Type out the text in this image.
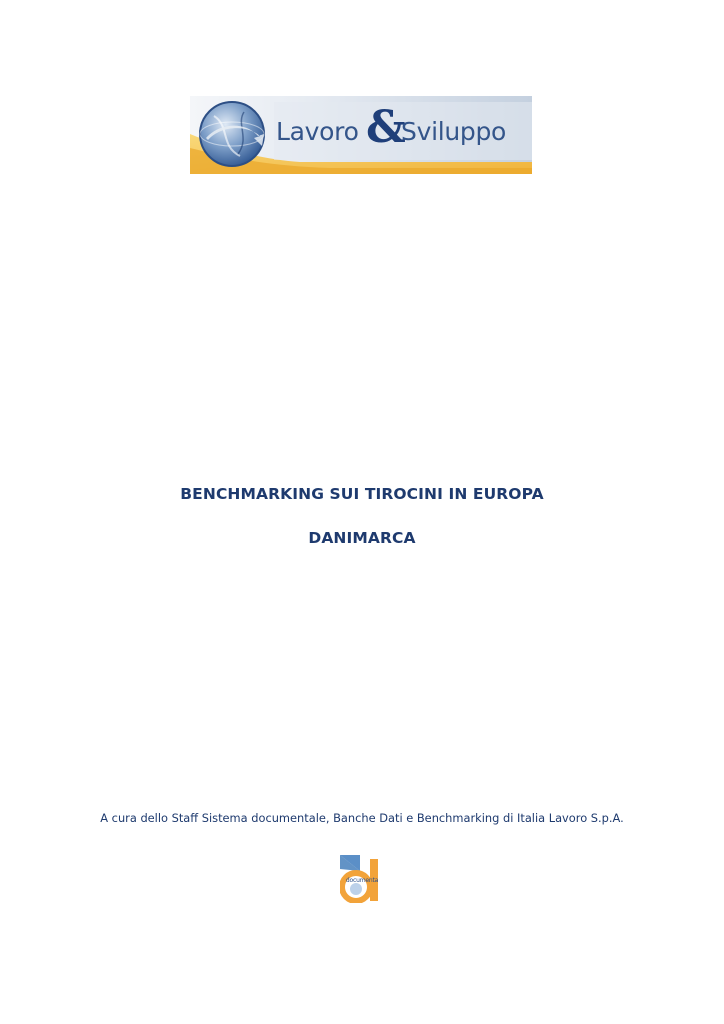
Lavoro &
Sviluppo
BENCHMARKING SUI TIROCINI IN EUROPA
DANIMARCA
A cura dello Staff Sistema documentale, Banche Dati e Benchmarking di Italia Lavoro S.p.A.
documenta
